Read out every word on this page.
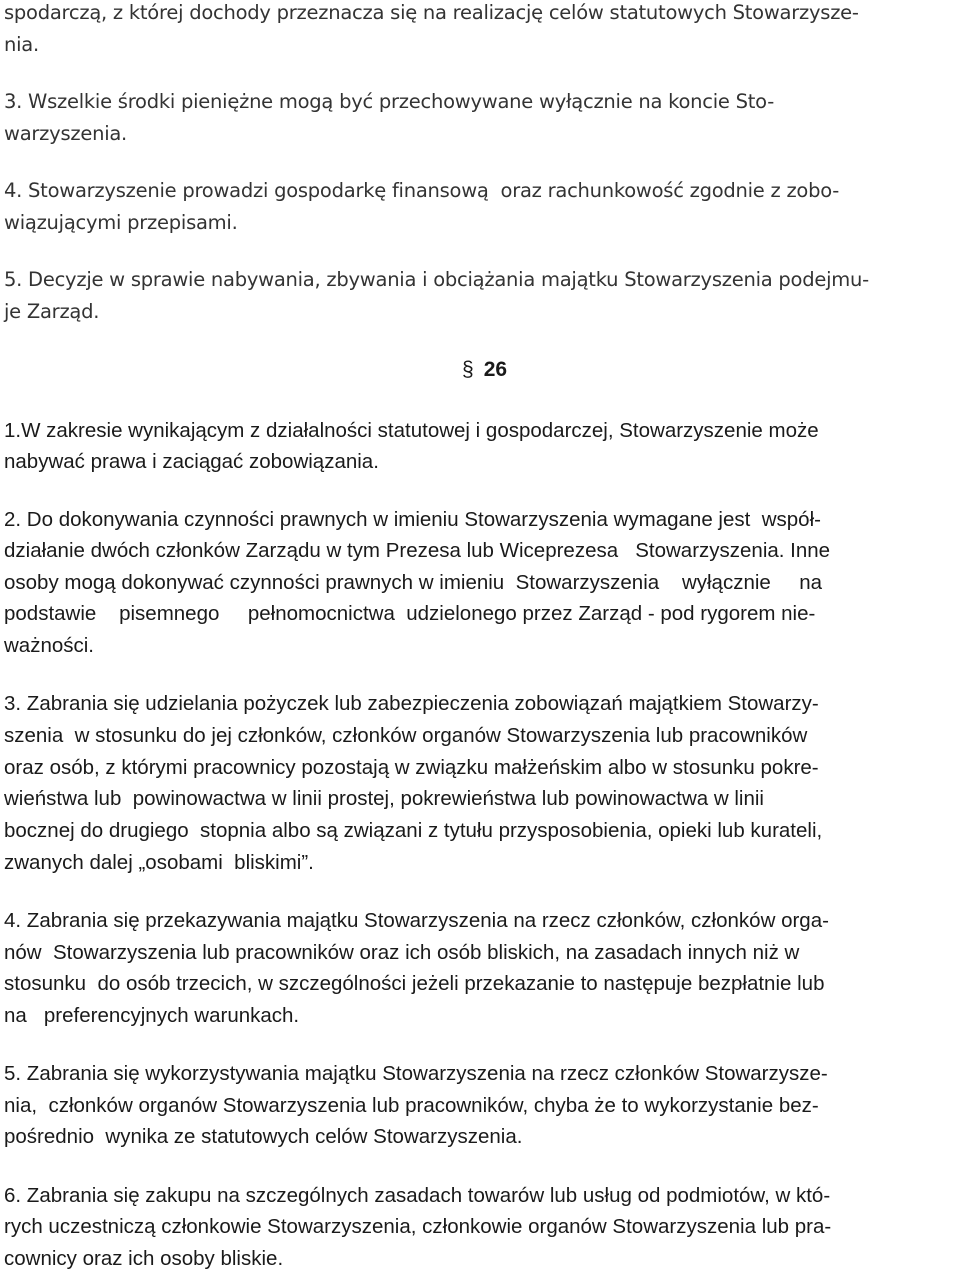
spodarczą, z której dochody przeznacza się na realizację celów statutowych Stowarzysze-
nia.
3. Wszelkie środki pieniężne mogą być przechowywane wyłącznie na koncie Sto-
warzyszenia.
4. Stowarzyszenie prowadzi gospodarkę finansową  oraz rachunkowość zgodnie z zobo-
wiązującymi przepisami.
5. Decyzje w sprawie nabywania, zbywania i obciążania majątku Stowarzyszenia podejmu-
je Zarząd.
§ 26
1.W zakresie wynikającym z działalności statutowej i gospodarczej, Stowarzyszenie może
nabywać prawa i zaciągać zobowiązania.
2. Do dokonywania czynności prawnych w imieniu Stowarzyszenia wymagane jest  współ-
działanie dwóch członków Zarządu w tym Prezesa lub Wiceprezesa   Stowarzyszenia. Inne
osoby mogą dokonywać czynności prawnych w imieniu  Stowarzyszenia    wyłącznie     na
podstawie    pisemnego     pełnomocnictwa  udzielonego przez Zarząd - pod rygorem nie-
ważności.
3. Zabrania się udzielania pożyczek lub zabezpieczenia zobowiązań majątkiem Stowarzy-
szenia  w stosunku do jej członków, członków organów Stowarzyszenia lub pracowników
oraz osób, z którymi pracownicy pozostają w związku małżeńskim albo w stosunku pokre-
wieństwa lub  powinowactwa w linii prostej, pokrewieństwa lub powinowactwa w linii
bocznej do drugiego  stopnia albo są związani z tytułu przysposobienia, opieki lub kurateli,
zwanych dalej „osobami  bliskimi”.
4. Zabrania się przekazywania majątku Stowarzyszenia na rzecz członków, członków orga-
nów  Stowarzyszenia lub pracowników oraz ich osób bliskich, na zasadach innych niż w
stosunku  do osób trzecich, w szczególności jeżeli przekazanie to następuje bezpłatnie lub
na   preferencyjnych warunkach.
5. Zabrania się wykorzystywania majątku Stowarzyszenia na rzecz członków Stowarzysze-
nia,  członków organów Stowarzyszenia lub pracowników, chyba że to wykorzystanie bez-
pośrednio  wynika ze statutowych celów Stowarzyszenia.
6. Zabrania się zakupu na szczególnych zasadach towarów lub usług od podmiotów, w któ-
rych uczestniczą członkowie Stowarzyszenia, członkowie organów Stowarzyszenia lub pra-
cownicy oraz ich osoby bliskie.
